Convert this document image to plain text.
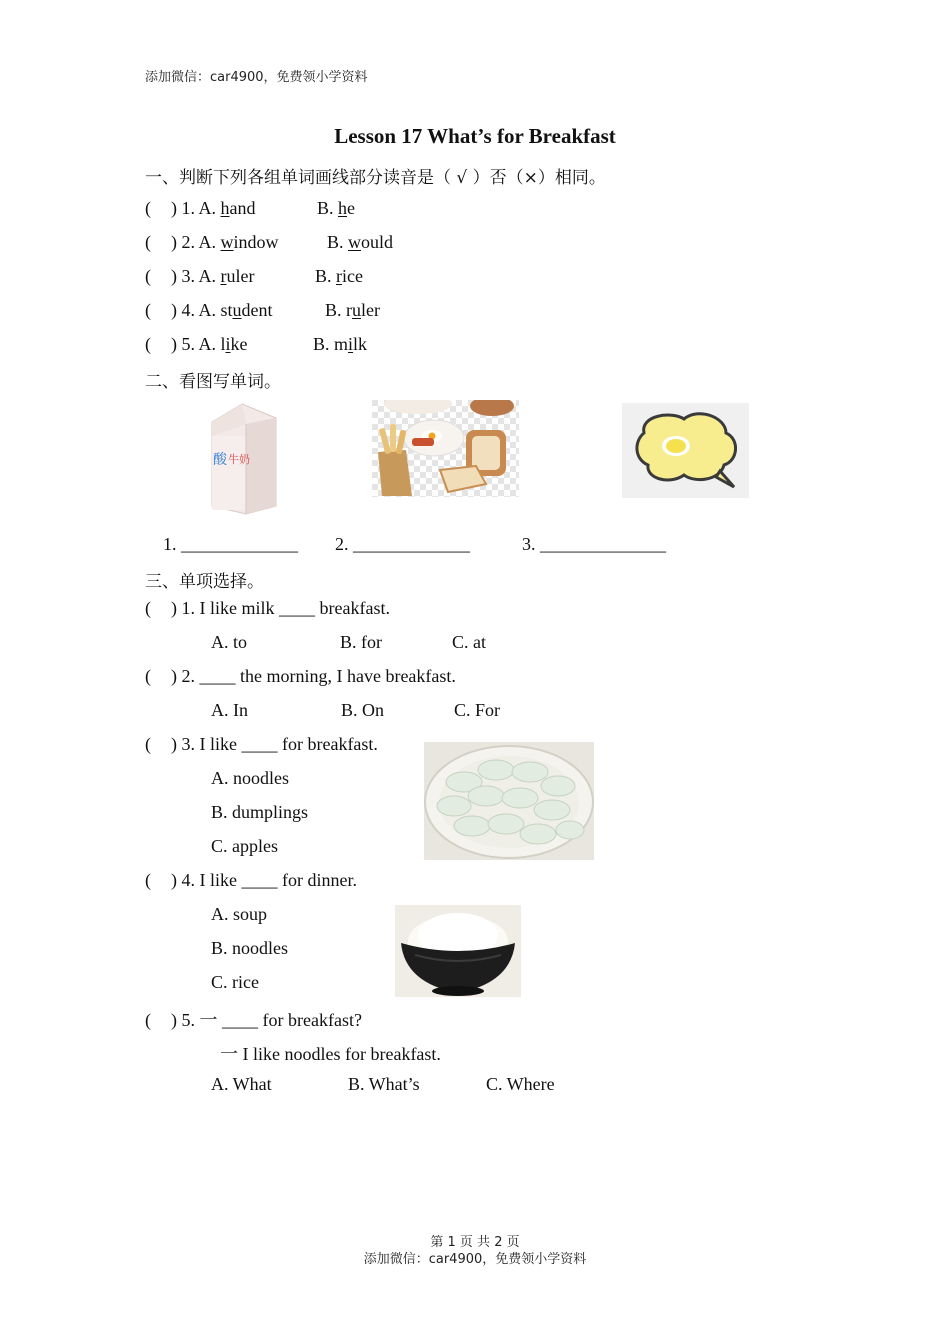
添加微信：car4900，免费领小学资料
Lesson 17 What’s for Breakfast
一、判断下列各组单词画线部分读音是（ √ ）否（×）相同。
( ) 1. A. hand	B. he
( ) 2. A. window	B. would
( ) 3. A. ruler	B. rice
( ) 4. A. student	B. ruler
( ) 5. A. like	B. milk
二、看图写单词。
酸 牛奶
1. _____________ 2. _____________	3. ______________
三、单项选择。
( ) 1. I like milk ____ breakfast.
A. to	B. for	C. at
( ) 2. ____ the morning, I have breakfast.
A. In	B. On	C. For
( ) 3. I like ____ for breakfast.
A. noodles
B. dumplings
C. apples
( ) 4. I like ____ for dinner.
A. soup
B. noodles
C. rice
( ) 5. 一 ____ for breakfast?
一 I like noodles for breakfast.
A. What	B. What’s	C. Where
第 1 页 共 2 页
添加微信：car4900，免费领小学资料
